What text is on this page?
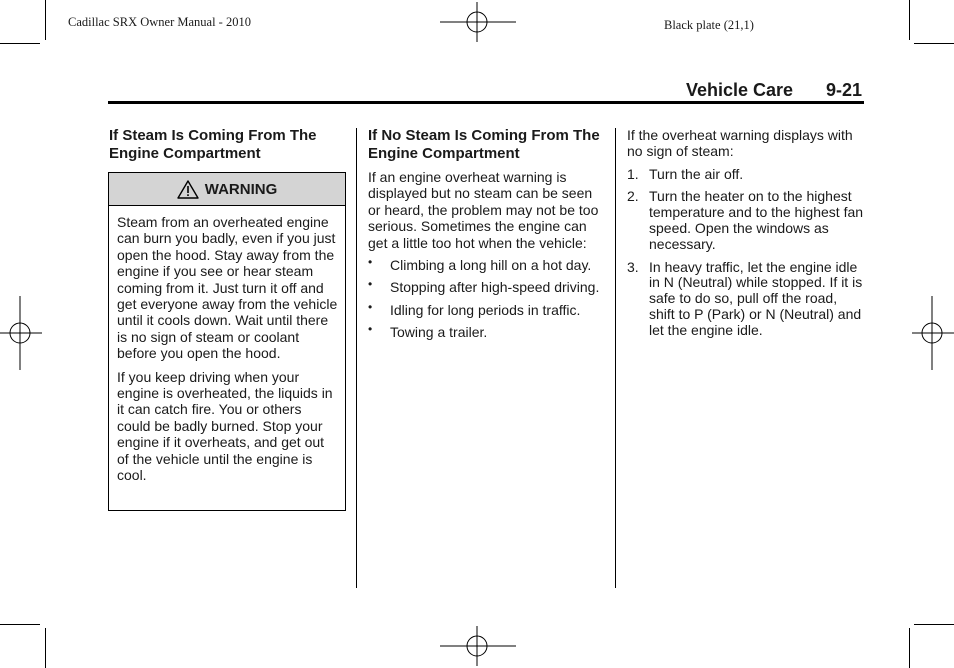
Cadillac SRX Owner Manual - 2010	Black plate (21,1)
Vehicle Care 9-21
If Steam Is Coming From The Engine Compartment
WARNING

Steam from an overheated engine can burn you badly, even if you just open the hood. Stay away from the engine if you see or hear steam coming from it. Just turn it off and get everyone away from the vehicle until it cools down. Wait until there is no sign of steam or coolant before you open the hood.

If you keep driving when your engine is overheated, the liquids in it can catch fire. You or others could be badly burned. Stop your engine if it overheats, and get out of the vehicle until the engine is cool.

If No Steam Is Coming From The Engine Compartment

If an engine overheat warning is displayed but no steam can be seen or heard, the problem may not be too serious. Sometimes the engine can get a little too hot when the vehicle:

• Climbing a long hill on a hot day.
• Stopping after high-speed driving.
• Idling for long periods in traffic.
• Towing a trailer.

If the overheat warning displays with no sign of steam:

1. Turn the air off.
2. Turn the heater on to the highest temperature and to the highest fan speed. Open the windows as necessary.
3. In heavy traffic, let the engine idle in N (Neutral) while stopped. If it is safe to do so, pull off the road, shift to P (Park) or N (Neutral) and let the engine idle.
